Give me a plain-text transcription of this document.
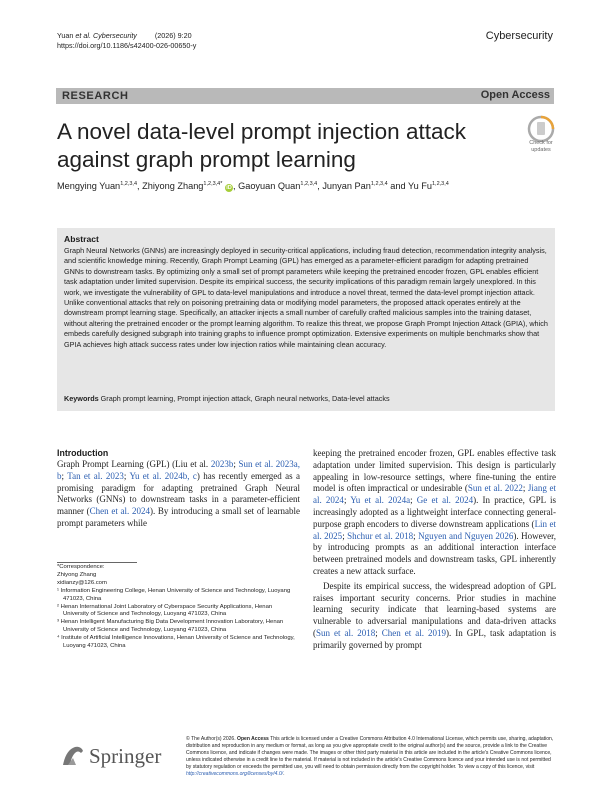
Yuan et al. Cybersecurity         (2026) 9:20
https://doi.org/10.1186/s42400-026-00650-y
Cybersecurity
RESEARCH	Open Access
A novel data-level prompt injection attack against graph prompt learning
Check for updates
Mengying Yuan$^{1,2,3,4}$, Zhiyong Zhang$^{1,2,3,4*}$ iD, Gaoyuan Quan$^{1,2,3,4}$, Junyan Pan$^{1,2,3,4}$ and Yu Fu$^{1,2,3,4}$
Abstract
Graph Neural Networks (GNNs) are increasingly deployed in security-critical applications, including fraud detection, recommendation integrity analysis, and scientific knowledge mining. Recently, Graph Prompt Learning (GPL) has emerged as a parameter-efficient paradigm for adapting pretrained GNNs to downstream tasks. By optimizing only a small set of prompt parameters while keeping the pretrained encoder frozen, GPL enables efficient task adaptation under limited supervision. Despite its empirical success, the security implications of this paradigm remain largely unexplored. In this work, we investigate the vulnerability of GPL to data-level manipulations and introduce a novel threat, termed the data-level prompt injection attack. Unlike conventional attacks that rely on poisoning pretraining data or modifying model parameters, the proposed attack operates entirely at the downstream prompt learning stage. Specifically, an attacker injects a small number of carefully crafted malicious samples into the training dataset, without altering the pretrained encoder or the prompt learning algorithm. To realize this threat, we propose Graph Prompt Injection Attack (GPIA), which embeds carefully designed subgraph into training graphs to influence prompt optimization. Extensive experiments on multiple benchmarks show that GPIA achieves high attack success rates under low injection ratios while maintaining clean accuracy.
Keywords Graph prompt learning, Prompt injection attack, Graph neural networks, Data-level attacks
Introduction

Graph Prompt Learning (GPL) (Liu et al. 2023b; Sun et al. 2023a, b; Tan et al. 2023; Yu et al. 2024b, c) has recently emerged as a promising paradigm for adapting pretrained Graph Neural Networks (GNNs) to downstream tasks in a parameter-efficient manner (Chen et al. 2024). By introducing a small set of learnable prompt parameters while

keeping the pretrained encoder frozen, GPL enables effective task adaptation under limited supervision. This design is particularly appealing in low-resource settings, where fine-tuning the entire model is often impractical or undesirable (Sun et al. 2022; Jiang et al. 2024; Yu et al. 2024a; Ge et al. 2024). In practice, GPL is increasingly adopted as a lightweight interface connecting general-purpose graph encoders to diverse downstream applications (Lin et al. 2025; Shchur et al. 2018; Nguyen and Nguyen 2026). However, by introducing prompts as an additional interaction interface between pretrained models and downstream tasks, GPL inherently creates a new attack surface.

Despite its empirical success, the widespread adoption of GPL raises important security concerns. Prior studies in machine learning security indicate that learning-based systems are vulnerable to adversarial manipulations and data-driven attacks (Sun et al. 2018; Chen et al. 2019). In GPL, task adaptation is primarily governed by prompt

*Correspondence:
Zhiyong Zhang
xidianzy@126.com
¹ Information Engineering College, Henan University of Science and Technology, Luoyang 471023, China
² Henan International Joint Laboratory of Cyberspace Security Applications, Henan University of Science and Technology, Luoyang 471023, China
³ Henan Intelligent Manufacturing Big Data Development Innovation Laboratory, Henan University of Science and Technology, Luoyang 471023, China
⁴ Institute of Artificial Intelligence Innovations, Henan University of Science and Technology, Luoyang 471023, China
Springer
© The Author(s) 2026. Open Access This article is licensed under a Creative Commons Attribution 4.0 International License, which permits use, sharing, adaptation, distribution and reproduction in any medium or format, as long as you give appropriate credit to the original author(s) and the source, provide a link to the Creative Commons licence, and indicate if changes were made. The images or other third party material in this article are included in the article's Creative Commons licence, unless indicated otherwise in a credit line to the material. If material is not included in the article's Creative Commons licence and your intended use is not permitted by statutory regulation or exceeds the permitted use, you will need to obtain permission directly from the copyright holder. To view a copy of this licence, visit http://creativecommons.org/licenses/by/4.0/.
